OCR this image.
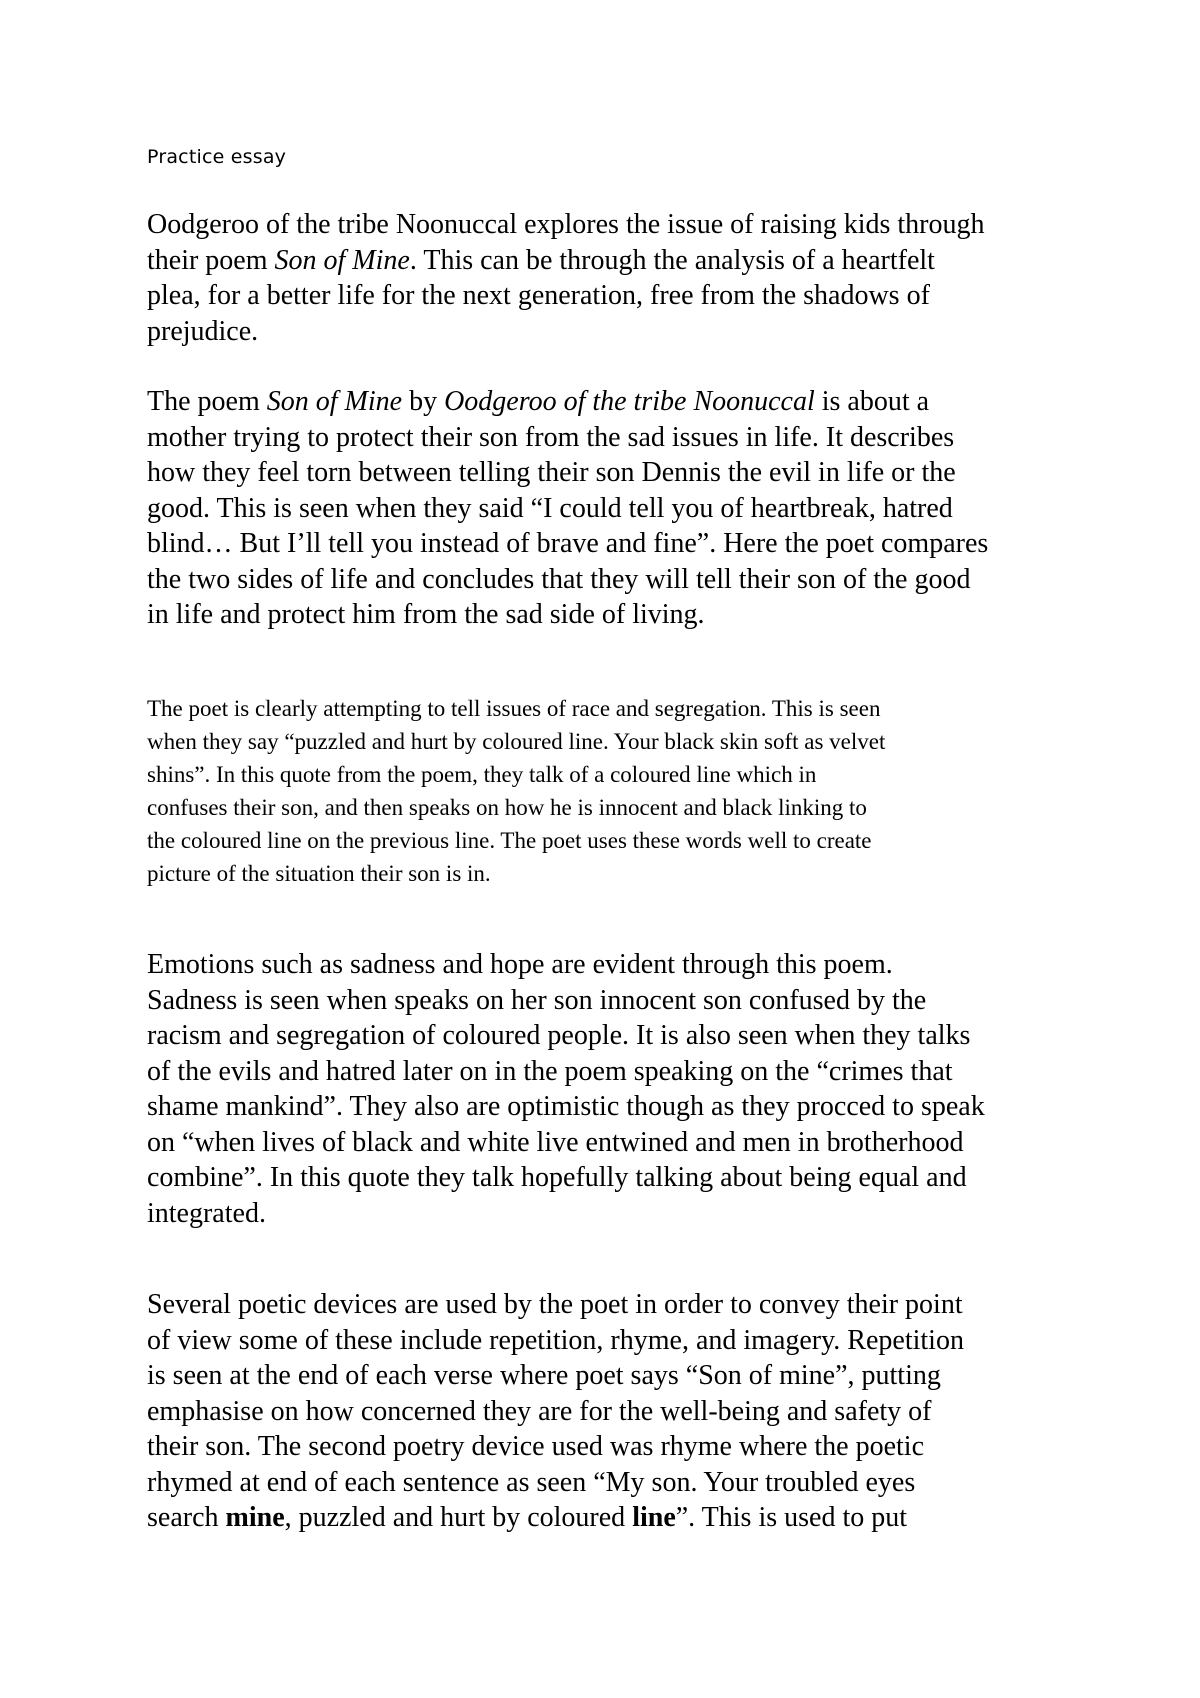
Practice essay

Oodgeroo of the tribe Noonuccal explores the issue of raising kids through
their poem Son of Mine. This can be through the analysis of a heartfelt
plea, for a better life for the next generation, free from the shadows of
prejudice.

The poem Son of Mine by Oodgeroo of the tribe Noonuccal is about a
mother trying to protect their son from the sad issues in life. It describes
how they feel torn between telling their son Dennis the evil in life or the
good. This is seen when they said “I could tell you of heartbreak, hatred
blind… But I’ll tell you instead of brave and fine”. Here the poet compares
the two sides of life and concludes that they will tell their son of the good
in life and protect him from the sad side of living.

The poet is clearly attempting to tell issues of race and segregation. This is seen
when they say “puzzled and hurt by coloured line. Your black skin soft as velvet
shins”. In this quote from the poem, they talk of a coloured line which in
confuses their son, and then speaks on how he is innocent and black linking to
the coloured line on the previous line. The poet uses these words well to create
picture of the situation their son is in.

Emotions such as sadness and hope are evident through this poem.
Sadness is seen when speaks on her son innocent son confused by the
racism and segregation of coloured people. It is also seen when they talks
of the evils and hatred later on in the poem speaking on the “crimes that
shame mankind”. They also are optimistic though as they procced to speak
on “when lives of black and white live entwined and men in brotherhood
combine”. In this quote they talk hopefully talking about being equal and
integrated.

Several poetic devices are used by the poet in order to convey their point
of view some of these include repetition, rhyme, and imagery. Repetition
is seen at the end of each verse where poet says “Son of mine”, putting
emphasise on how concerned they are for the well-being and safety of
their son. The second poetry device used was rhyme where the poetic
rhymed at end of each sentence as seen “My son. Your troubled eyes
search mine, puzzled and hurt by coloured line”. This is used to put
